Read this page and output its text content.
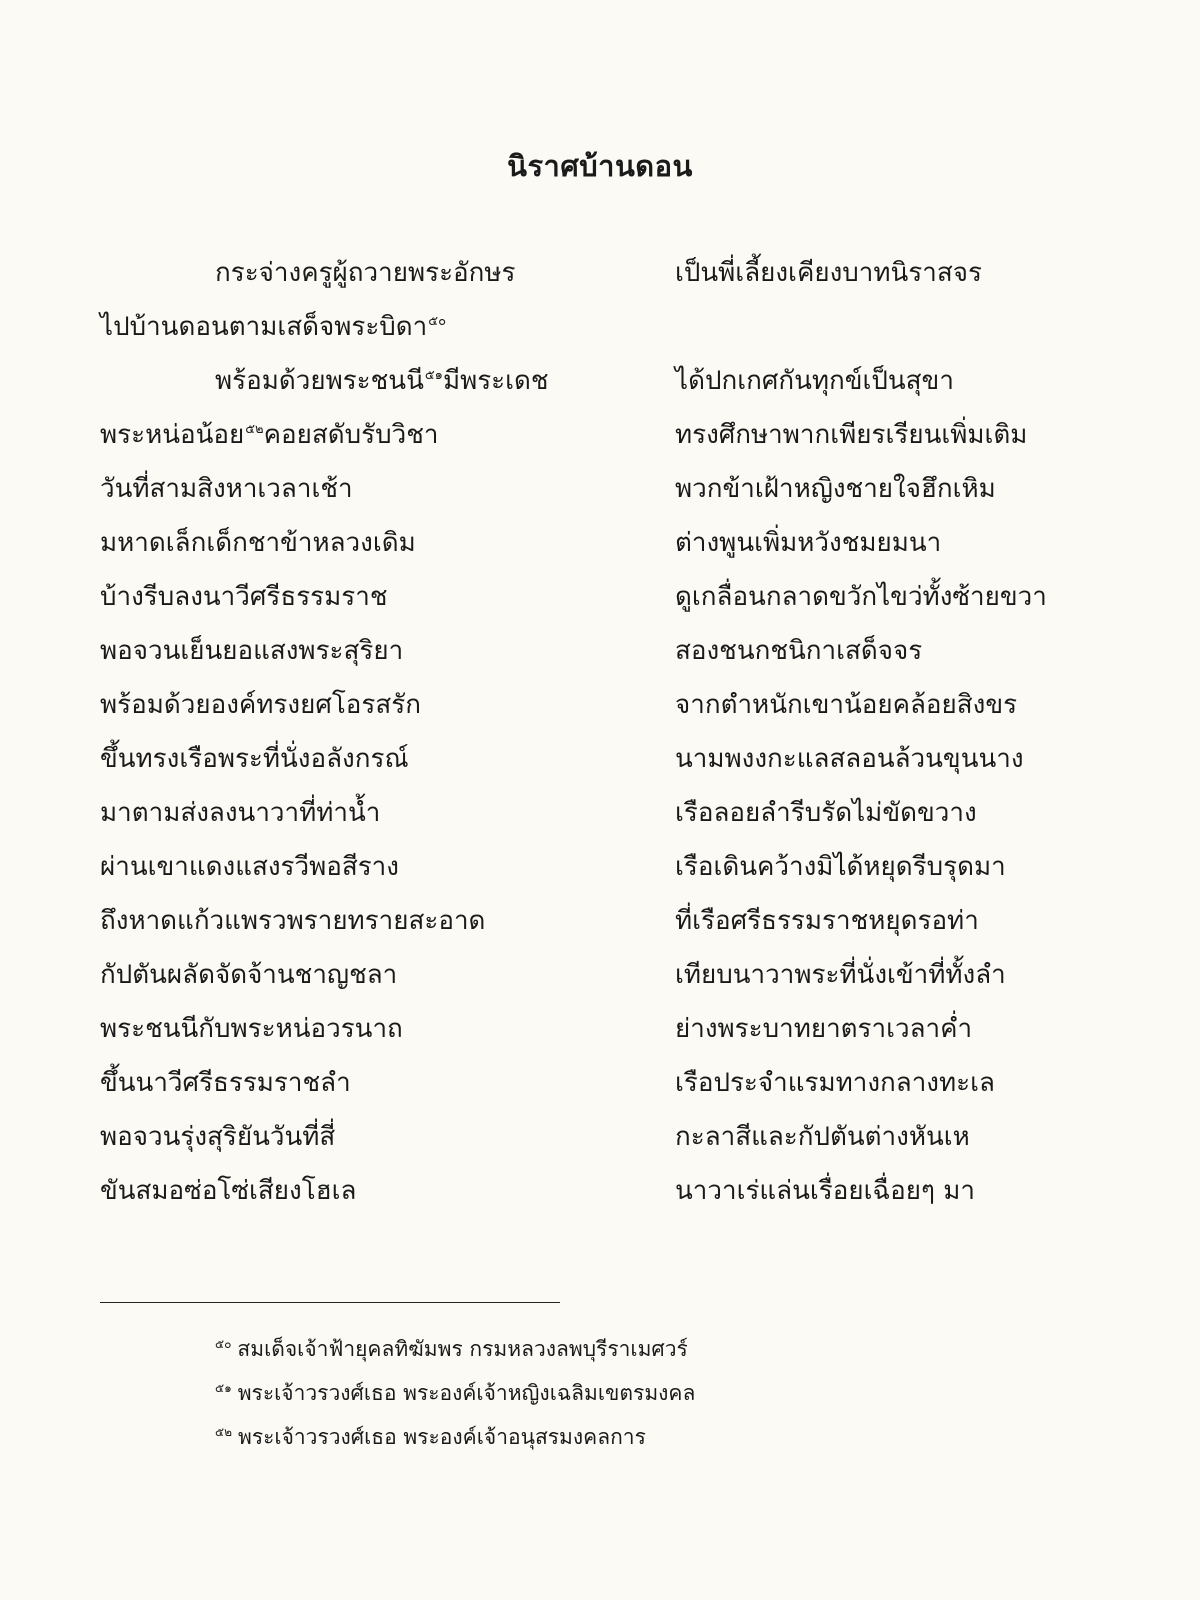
นิราศบ้านดอน
กระจ่างครูผู้ถวายพระอักษร	เป็นพี่เลี้ยงเคียงบาทนิราสจร
ไปบ้านดอนตามเสด็จพระบิดา$^{๕๐}$
พร้อมด้วยพระชนนี$^{๕๑}$มีพระเดช	ได้ปกเกศกันทุกข์เป็นสุขา
พระหน่อน้อย$^{๕๒}$คอยสดับรับวิชา	ทรงศึกษาพากเพียรเรียนเพิ่มเติม
วันที่สามสิงหาเวลาเช้า	พวกข้าเฝ้าหญิงชายใจฮึกเหิม
มหาดเล็กเด็กชาข้าหลวงเดิม	ต่างพูนเพิ่มหวังชมยมนา
บ้างรีบลงนาวีศรีธรรมราช	ดูเกลื่อนกลาดขวักไขว่ทั้งซ้ายขวา
พอจวนเย็นยอแสงพระสุริยา	สองชนกชนิกาเสด็จจร
พร้อมด้วยองค์ทรงยศโอรสรัก	จากตำหนักเขาน้อยคล้อยสิงขร
ขึ้นทรงเรือพระที่นั่งอลังกรณ์	นามพงงกะแลสลอนล้วนขุนนาง
มาตามส่งลงนาวาที่ท่าน้ำ	เรือลอยลำรีบรัดไม่ขัดขวาง
ผ่านเขาแดงแสงรวีพอสีราง	เรือเดินคว้างมิได้หยุดรีบรุดมา
ถึงหาดแก้วแพรวพรายทรายสะอาด	ที่เรือศรีธรรมราชหยุดรอท่า
กัปตันผลัดจัดจ้านชาญชลา	เทียบนาวาพระที่นั่งเข้าที่ทั้งลำ
พระชนนีกับพระหน่อวรนาถ	ย่างพระบาทยาตราเวลาค่ำ
ขึ้นนาวีศรีธรรมราชลำ	เรือประจำแรมทางกลางทะเล
พอจวนรุ่งสุริยันวันที่สี่	กะลาสีและกัปตันต่างหันเห
ขันสมอซ่อโซ่เสียงโฮเล	นาวาเร่แล่นเรื่อยเฉื่อยๆ มา
$^{๕๐}$ สมเด็จเจ้าฟ้ายุคลทิฆัมพร กรมหลวงลพบุรีราเมศวร์
$^{๕๑}$ พระเจ้าวรวงศ์เธอ พระองค์เจ้าหญิงเฉลิมเขตรมงคล
$^{๕๒}$ พระเจ้าวรวงศ์เธอ พระองค์เจ้าอนุสรมงคลการ
